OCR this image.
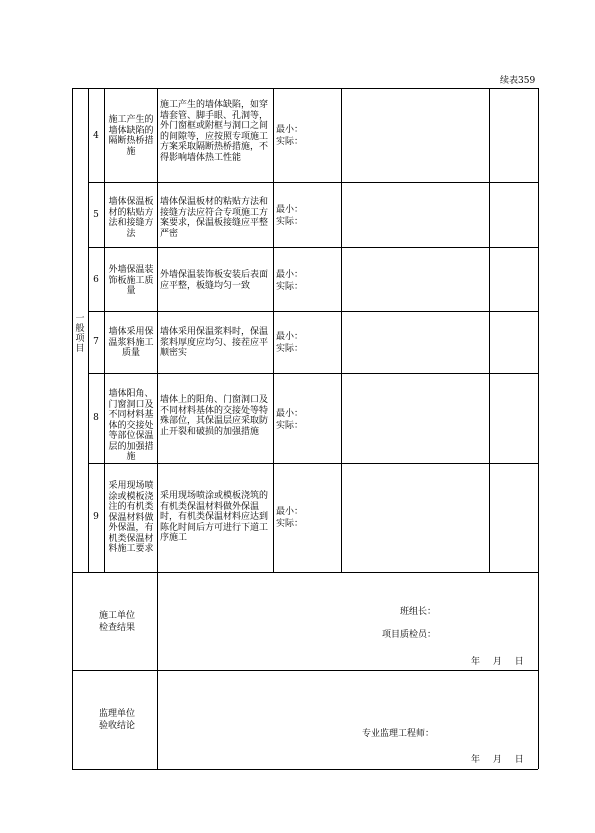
续表359
一
般
项
目
4
施工产生的墙体缺陷的隔断热桥措施
施工产生的墙体缺陷，如穿墙套管、脚手眼、孔洞等，外门窗框或附框与洞口之间的间隙等，应按照专项施工方案采取隔断热桥措施，不得影响墙体热工性能
最小：
实际：
5
墙体保温板材的粘贴方法和接缝方法
墙体保温板材的粘贴方法和接缝方法应符合专项施工方案要求，保温板接缝应平整严密
最小：
实际：
6
外墙保温装饰板施工质量
外墙保温装饰板安装后表面应平整，板缝均匀一致
最小：
实际：
7
墙体采用保温浆料施工质量
墙体采用保温浆料时，保温浆料厚度应均匀、接茬应平顺密实
最小：
实际：
8
墙体阳角、门窗洞口及不同材料基体的交接处等部位保温层的加强措施
墙体上的阳角、门窗洞口及不同材料基体的交接处等特殊部位，其保温层应采取防止开裂和破损的加强措施
最小：
实际：
9
采用现场喷涂或模板浇注的有机类保温材料做外保温，有机类保温材料施工要求
采用现场喷涂或模板浇筑的有机类保温材料做外保温时，有机类保温材料应达到陈化时间后方可进行下道工序施工
最小：
实际：
施工单位
检查结果
班组长：
项目质检员：
年 月 日
监理单位
验收结论
专业监理工程师：
年 月 日
